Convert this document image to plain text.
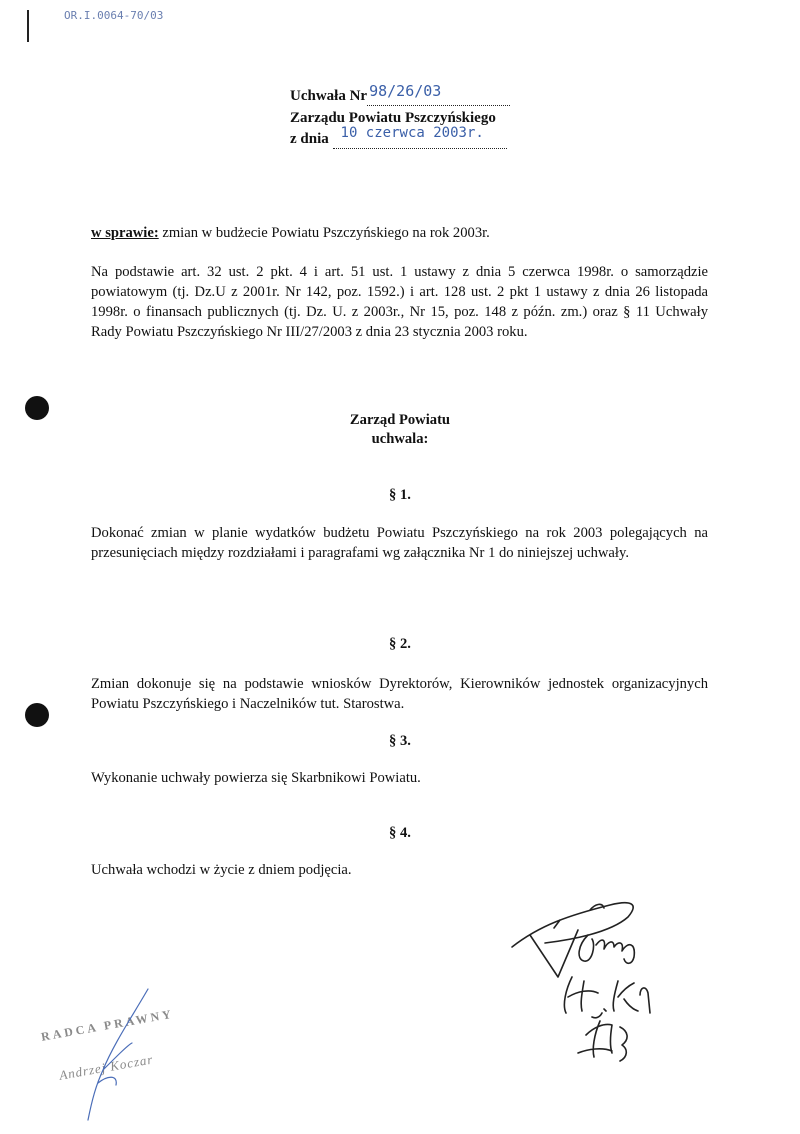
OR.I.0064-70/03
Uchwała Nr 98/26/03

Zarządu Powiatu Pszczyńskiego
z dnia 10 czerwca 2003r.

w sprawie: zmian w budżecie Powiatu Pszczyńskiego na rok 2003r.

Na podstawie art. 32 ust. 2 pkt. 4 i art. 51 ust. 1 ustawy z dnia 5 czerwca 1998r. o samorządzie powiatowym (tj. Dz.U z 2001r. Nr 142, poz. 1592.) i art. 128 ust. 2 pkt 1 ustawy z dnia 26 listopada 1998r. o finansach publicznych (tj. Dz. U. z 2003r., Nr 15, poz. 148 z późn. zm.) oraz § 11 Uchwały Rady Powiatu Pszczyńskiego Nr III/27/2003 z dnia 23 stycznia 2003 roku.

Zarząd Powiatu
uchwala:
§ 1.
Dokonać zmian w planie wydatków budżetu Powiatu Pszczyńskiego na rok 2003 polegających na przesunięciach między rozdziałami i paragrafami wg załącznika Nr 1 do niniejszej uchwały.
§ 2.
Zmian dokonuje się na podstawie wniosków Dyrektorów, Kierowników jednostek organizacyjnych Powiatu Pszczyńskiego i Naczelników tut. Starostwa.
§ 3.
Wykonanie uchwały powierza się Skarbnikowi Powiatu.
§ 4.
Uchwała wchodzi w życie z dniem podjęcia.
RADCA PRAWNY
Andrzej Koczar
